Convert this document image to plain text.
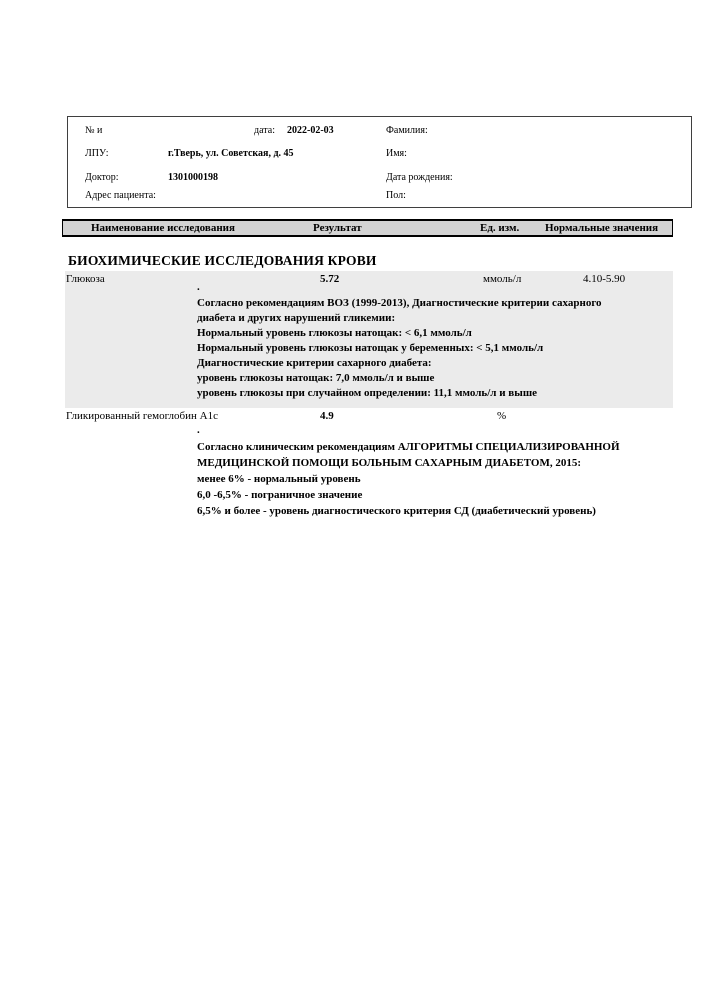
№ и	дата: 2022-02-03	Фамилия:
ЛПУ:	г.Тверь, ул. Советская, д. 45	Имя:
Доктор:	1301000198	Дата рождения:
Адрес пациента:	Пол:
Наименование исследования	Результат	Ед. изм. Нормальные значения
БИОХИМИЧЕСКИЕ ИССЛЕДОВАНИЯ КРОВИ
Глюкоза	5.72	ммоль/л	4.10-5.90
.
Согласно рекомендациям ВОЗ (1999-2013), Диагностические критерии сахарного
диабета и других нарушений гликемии:
Нормальный уровень глюкозы натощак: < 6,1 ммоль/л
Нормальный уровень глюкозы натощак у беременных: < 5,1 ммоль/л
Диагностические критерии сахарного диабета:
уровень глюкозы натощак: 7,0 ммоль/л и выше
уровень глюкозы при случайном определении: 11,1 ммоль/л и выше
Гликированный гемоглобин A1c	4.9	%
.
Согласно клиническим рекомендациям АЛГОРИТМЫ СПЕЦИАЛИЗИРОВАННОЙ
МЕДИЦИНСКОЙ ПОМОЩИ БОЛЬНЫМ САХАРНЫМ ДИАБЕТОМ, 2015:
менее 6% - нормальный уровень
6,0 -6,5% - пограничное значение
6,5% и более - уровень диагностического критерия СД (диабетический уровень)
